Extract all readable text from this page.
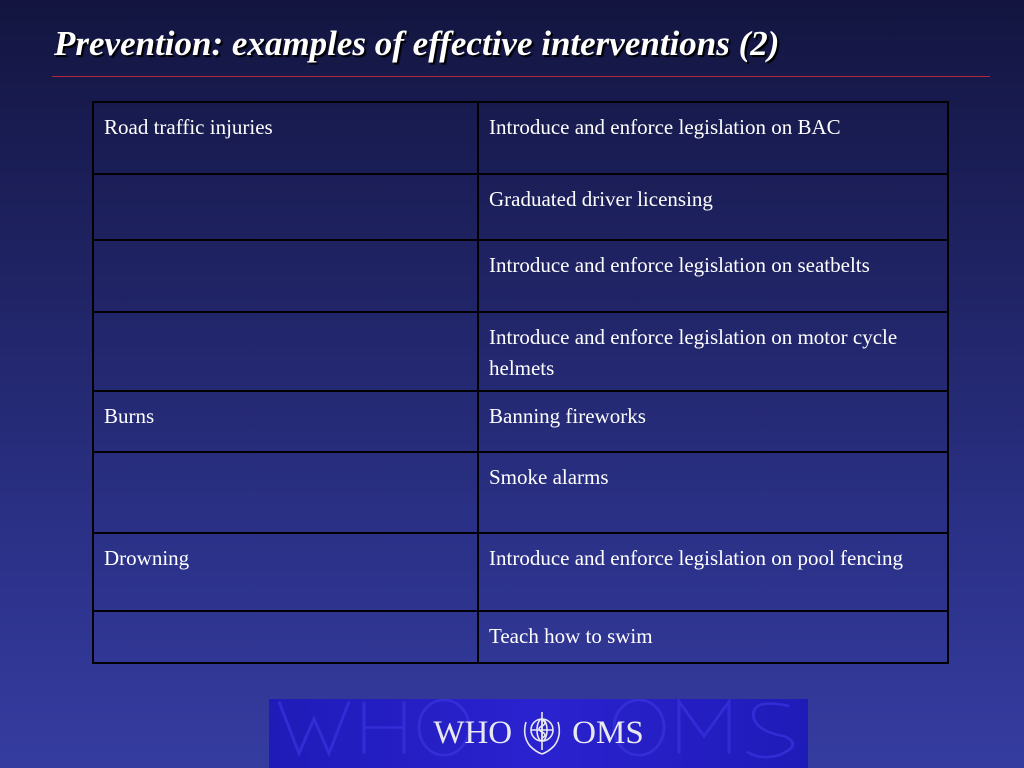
Prevention: examples of effective interventions (2)
Road traffic injuries	Introduce and enforce legislation on BAC
	Graduated driver licensing
	Introduce and enforce legislation on seatbelts
	Introduce and enforce legislation on motor cycle helmets
Burns	Banning fireworks
	Smoke alarms
Drowning	Introduce and enforce legislation on pool fencing
	Teach how to swim
WHO OMS
